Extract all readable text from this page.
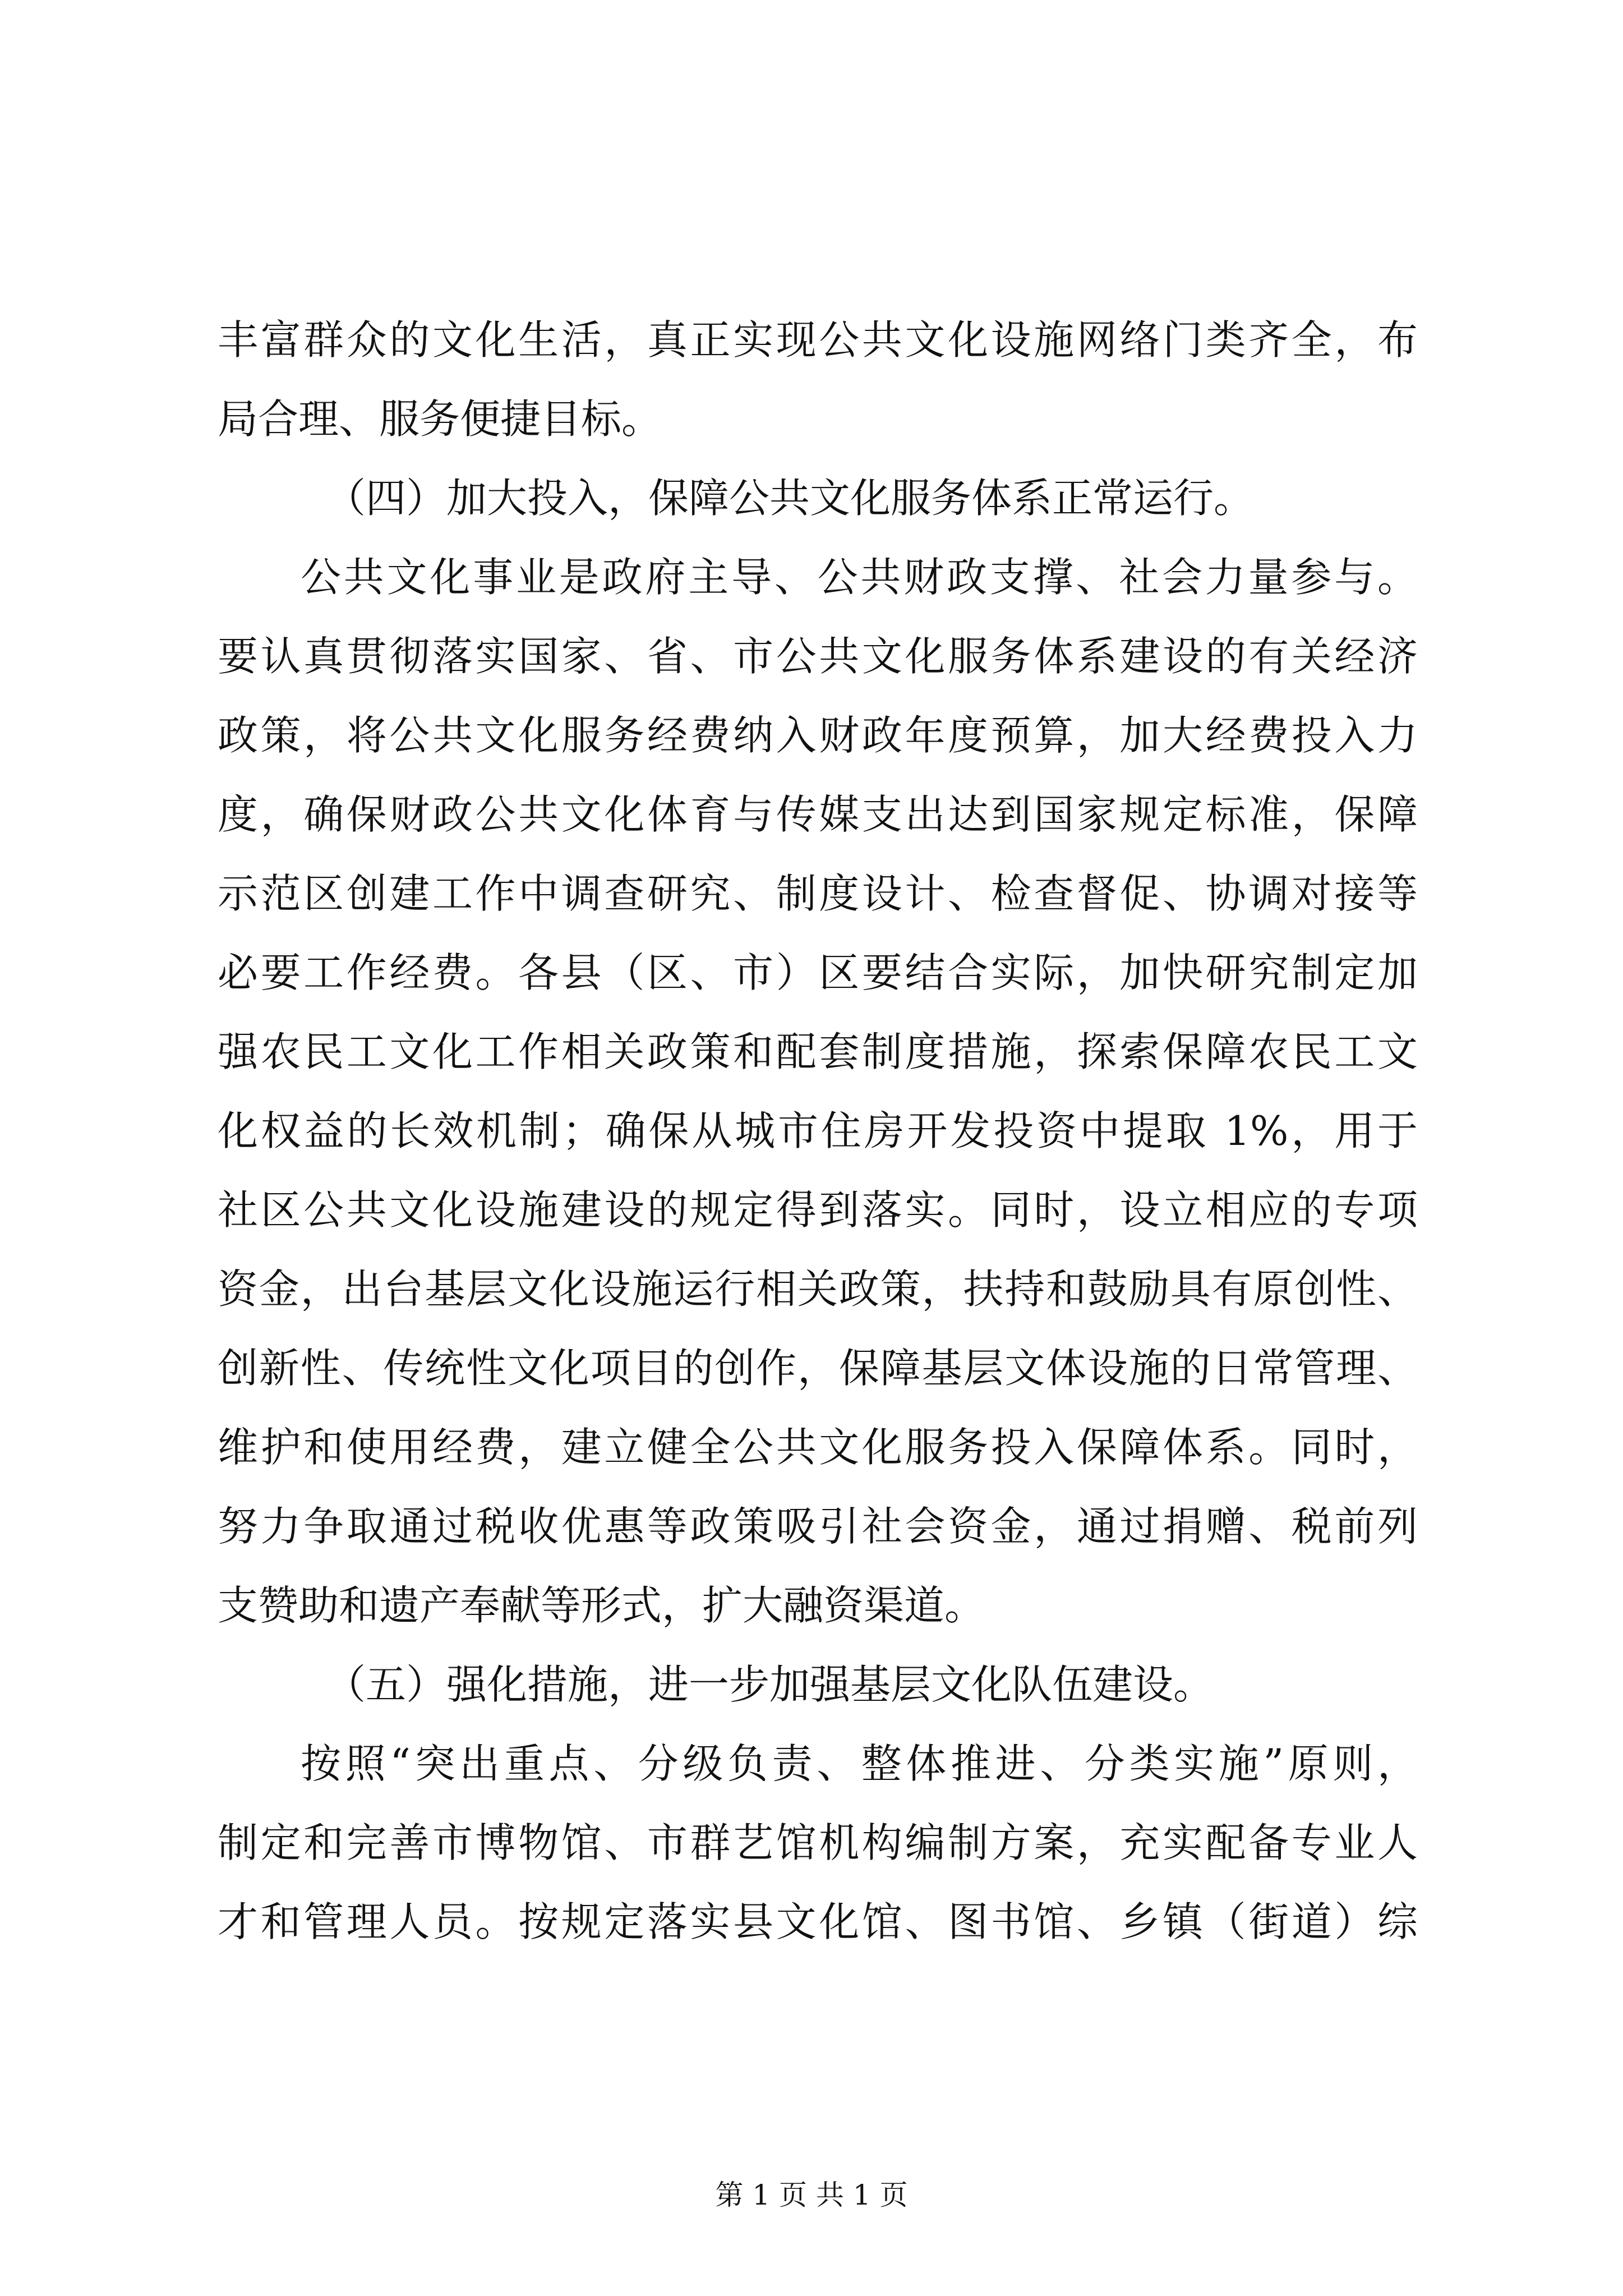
丰富群众的文化生活，真正实现公共文化设施网络门类齐全，布
局合理、服务便捷目标。
（四）加大投入，保障公共文化服务体系正常运行。
公共文化事业是政府主导、公共财政支撑、社会力量参与。
要认真贯彻落实国家、省、市公共文化服务体系建设的有关经济
政策，将公共文化服务经费纳入财政年度预算，加大经费投入力
度，确保财政公共文化体育与传媒支出达到国家规定标准，保障
示范区创建工作中调查研究、制度设计、检查督促、协调对接等
必要工作经费。各县（区、市）区要结合实际，加快研究制定加
强农民工文化工作相关政策和配套制度措施，探索保障农民工文
化权益的长效机制；确保从城市住房开发投资中提取 1%，用于
社区公共文化设施建设的规定得到落实。同时，设立相应的专项
资金，出台基层文化设施运行相关政策，扶持和鼓励具有原创性、
创新性、传统性文化项目的创作，保障基层文体设施的日常管理、
维护和使用经费，建立健全公共文化服务投入保障体系。同时，
努力争取通过税收优惠等政策吸引社会资金，通过捐赠、税前列
支赞助和遗产奉献等形式，扩大融资渠道。
（五）强化措施，进一步加强基层文化队伍建设。
按照“突出重点、分级负责、整体推进、分类实施”原则，
制定和完善市博物馆、市群艺馆机构编制方案，充实配备专业人
才和管理人员。按规定落实县文化馆、图书馆、乡镇（街道）综
第 1 页 共 1 页
